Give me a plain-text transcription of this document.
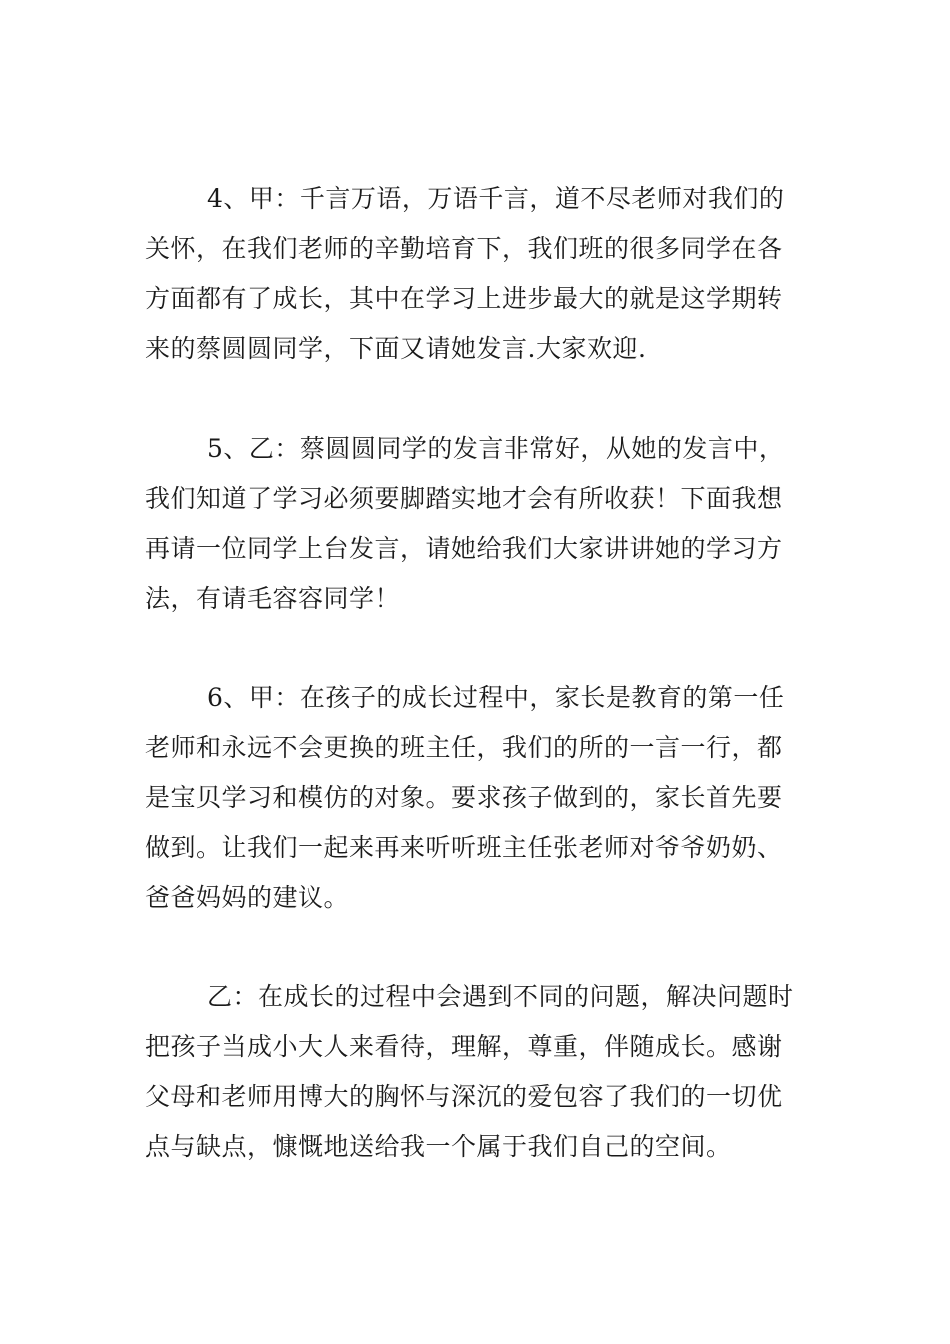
4、甲：千言万语，万语千言，道不尽老师对我们的
关怀，在我们老师的辛勤培育下，我们班的很多同学在各
方面都有了成长，其中在学习上进步最大的就是这学期转
来的蔡圆圆同学，下面又请她发言.大家欢迎.
5、乙：蔡圆圆同学的发言非常好，从她的发言中，
我们知道了学习必须要脚踏实地才会有所收获！下面我想
再请一位同学上台发言，请她给我们大家讲讲她的学习方
法，有请毛容容同学！
6、甲：在孩子的成长过程中，家长是教育的第一任
老师和永远不会更换的班主任，我们的所的一言一行，都
是宝贝学习和模仿的对象。要求孩子做到的，家长首先要
做到。让我们一起来再来听听班主任张老师对爷爷奶奶、
爸爸妈妈的建议。
乙：在成长的过程中会遇到不同的问题，解决问题时
把孩子当成小大人来看待，理解，尊重，伴随成长。感谢
父母和老师用博大的胸怀与深沉的爱包容了我们的一切优
点与缺点，慷慨地送给我一个属于我们自己的空间。
